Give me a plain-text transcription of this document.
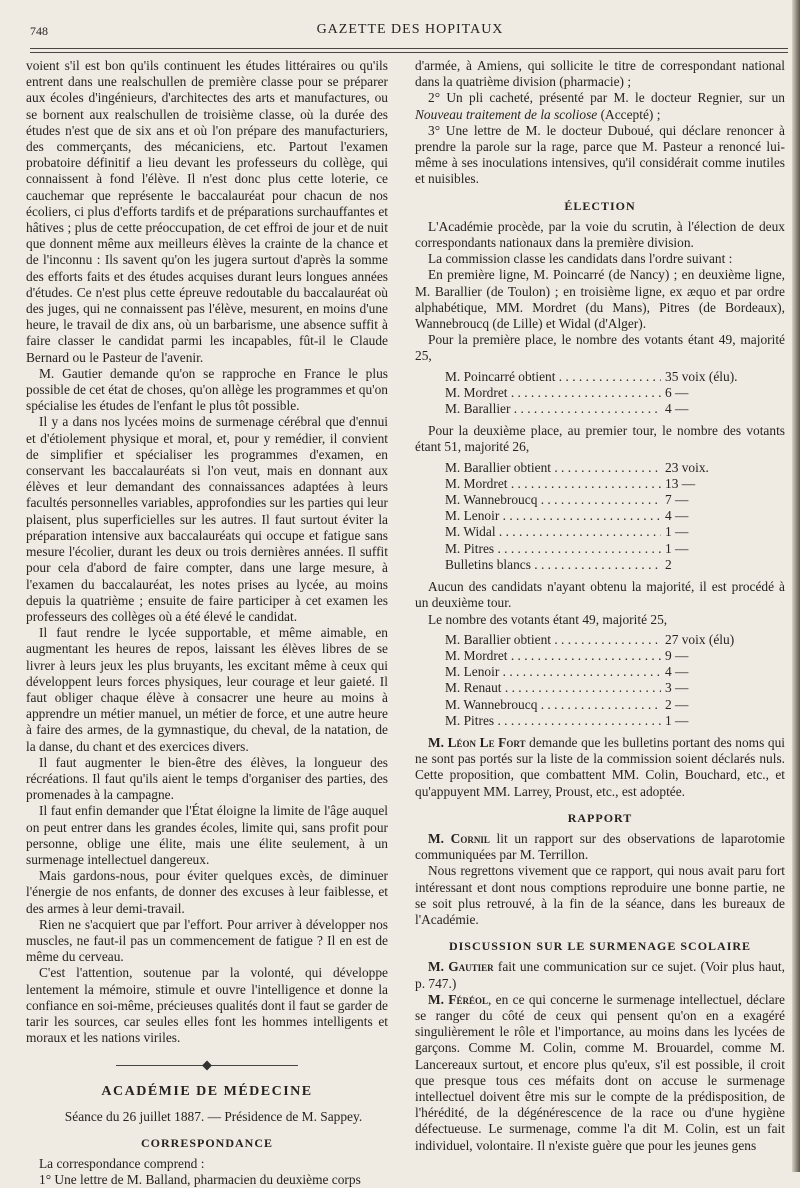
748	GAZETTE DES HOPITAUX

voient s'il est bon qu'ils continuent les études littéraires ou qu'ils entrent dans une realschullen de première classe pour se préparer aux écoles d'ingénieurs, d'architectes des arts et manufactures, ou se bornent aux realschullen de troisième classe, où la durée des études n'est que de six ans et où l'on prépare des manufacturiers, des commerçants, des mécaniciens, etc. Partout l'examen probatoire définitif a lieu devant les professeurs du collège, qui connaissent à fond l'élève. Il n'est donc plus cette loterie, ce cauchemar que représente le baccalauréat pour chacun de nos écoliers, ci plus d'efforts tardifs et de préparations surchauffantes et hâtives ; plus de cette préoccupation, de cet effroi de jour et de nuit que donnent même aux meilleurs élèves la crainte de la chance et de l'inconnu : Ils savent qu'on les jugera surtout d'après la somme des efforts faits et des études acquises durant leurs longues années d'études. Ce n'est plus cette épreuve redoutable du baccalauréat où des juges, qui ne connaissent pas l'élève, mesurent, en moins d'une heure, le travail de dix ans, où un barbarisme, une absence suffit à faire classer le candidat parmi les incapables, fût-il le Claude Bernard ou le Pasteur de l'avenir.

M. Gautier demande qu'on se rapproche en France le plus possible de cet état de choses, qu'on allège les programmes et qu'on spécialise les études de l'enfant le plus tôt possible.

Il y a dans nos lycées moins de surmenage cérébral que d'ennui et d'étiolement physique et moral, et, pour y remédier, il convient de simplifier et spécialiser les programmes d'examen, en conservant les baccalauréats si l'on veut, mais en donnant aux élèves et leur demandant des connaissances adaptées à leurs facultés personnelles variables, approfondies sur les parties qui leur plaisent, plus superficielles sur les autres. Il faut surtout éviter la préparation intensive aux baccalauréats qui occupe et fatigue sans mesure l'écolier, durant les deux ou trois dernières années. Il suffit pour cela d'abord de faire compter, dans une large mesure, à l'examen du baccalauréat, les notes prises au lycée, au moins depuis la quatrième ; ensuite de faire participer à cet examen les professeurs des collèges où a été élevé le candidat.

Il faut rendre le lycée supportable, et même aimable, en augmentant les heures de repos, laissant les élèves libres de se livrer à leurs jeux les plus bruyants, les excitant même à ceux qui développent leurs forces physiques, leur courage et leur gaieté. Il faut obliger chaque élève à consacrer une heure au moins à apprendre un métier manuel, un métier de force, et une autre heure à faire des armes, de la gymnastique, du cheval, de la natation, de la danse, du chant et des exercices divers.

Il faut augmenter le bien-être des élèves, la longueur des récréations. Il faut qu'ils aient le temps d'organiser des parties, des promenades à la campagne.

Il faut enfin demander que l'État éloigne la limite de l'âge auquel on peut entrer dans les grandes écoles, limite qui, sans profit pour personne, oblige une élite, mais une élite seulement, à un surmenage intellectuel dangereux.

Mais gardons-nous, pour éviter quelques excès, de diminuer l'énergie de nos enfants, de donner des excuses à leur faiblesse, et des armes à leur demi-travail.

Rien ne s'acquiert que par l'effort. Pour arriver à développer nos muscles, ne faut-il pas un commencement de fatigue ? Il en est de même du cerveau.

C'est l'attention, soutenue par la volonté, qui développe lentement la mémoire, stimule et ouvre l'intelligence et donne la confiance en soi-même, précieuses qualités dont il faut se garder de tarir les sources, car seules elles font les hommes intelligents et moraux et les nations viriles.

ACADÉMIE DE MÉDECINE

Séance du 26 juillet 1887. — Présidence de M. Sappey.

CORRESPONDANCE

La correspondance comprend :

1° Une lettre de M. Balland, pharmacien du deuxième corps

d'armée, à Amiens, qui sollicite le titre de correspondant national dans la quatrième division (pharmacie) ;

2° Un pli cacheté, présenté par M. le docteur Regnier, sur un Nouveau traitement de la scoliose (Accepté) ;

3° Une lettre de M. le docteur Duboué, qui déclare renoncer à prendre la parole sur la rage, parce que M. Pasteur a renoncé lui-même à ses inoculations intensives, qu'il considérait comme inutiles et nuisibles.

ÉLECTION

L'Académie procède, par la voie du scrutin, à l'élection de deux correspondants nationaux dans la première division.

La commission classe les candidats dans l'ordre suivant :

En première ligne, M. Poincarré (de Nancy) ; en deuxième ligne, M. Barallier (de Toulon) ; en troisième ligne, ex æquo et par ordre alphabétique, MM. Mordret (du Mans), Pitres (de Bordeaux), Wannebroucq (de Lille) et Widal (d'Alger).

Pour la première place, le nombre des votants étant 49, majorité 25,

M. Poincarré obtient . . .	35 voix (élu).
M. Mordret . . .	6 —
M. Barallier . . .	4 —

Pour la deuxième place, au premier tour, le nombre des votants étant 51, majorité 26,

M. Barallier obtient . . .	23 voix.
M. Mordret . . .	13 —
M. Wannebroucq . . .	7 —
M. Lenoir . . .	4 —
M. Widal . . .	1 —
M. Pitres . . .	1 —
Bulletins blancs . . .	2

Aucun des candidats n'ayant obtenu la majorité, il est procédé à un deuxième tour.

Le nombre des votants étant 49, majorité 25,

M. Barallier obtient . . .	27 voix (élu)
M. Mordret . . .	9 —
M. Lenoir . . .	4 —
M. Renaut . . .	3 —
M. Wannebroucq . . .	2 —
M. Pitres . . .	1 —

M. Léon Le Fort demande que les bulletins portant des noms qui ne sont pas portés sur la liste de la commission soient déclarés nuls. Cette proposition, que combattent MM. Colin, Bouchard, etc., et qu'appuyent MM. Larrey, Proust, etc., est adoptée.

RAPPORT

M. Cornil lit un rapport sur des observations de laparotomie communiquées par M. Terrillon.

Nous regrettons vivement que ce rapport, qui nous avait paru fort intéressant et dont nous comptions reproduire une bonne partie, ne se soit plus retrouvé, à la fin de la séance, dans les bureaux de l'Académie.

DISCUSSION SUR LE SURMENAGE SCOLAIRE

M. Gautier fait une communication sur ce sujet. (Voir plus haut, p. 747.)

M. Féréol, en ce qui concerne le surmenage intellectuel, déclare se ranger du côté de ceux qui pensent qu'on en a exagéré singulièrement le rôle et l'importance, au moins dans les lycées de garçons. Comme M. Colin, comme M. Brouardel, comme M. Lancereaux surtout, et encore plus qu'eux, s'il est possible, il croit que presque tous ces méfaits dont on accuse le surmenage intellectuel doivent être mis sur le compte de la prédisposition, de l'hérédité, de la dégénérescence de la race ou d'une hygiène défectueuse. Le surmenage, comme l'a dit M. Colin, est un fait individuel, volontaire. Il n'existe guère que pour les jeunes gens
